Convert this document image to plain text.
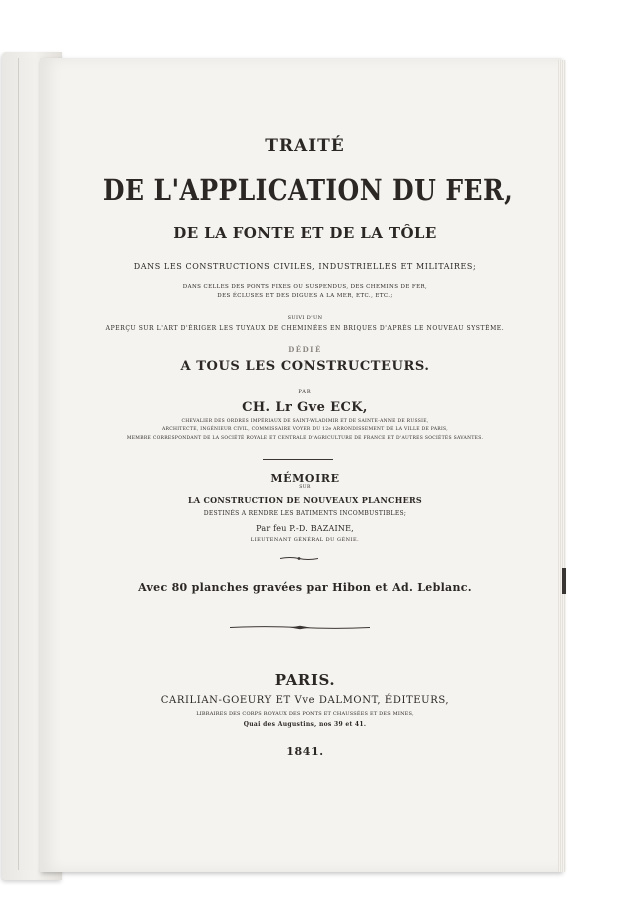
TRAITÉ
DE L'APPLICATION DU FER,
DE LA FONTE ET DE LA TÔLE
DANS LES CONSTRUCTIONS CIVILES, INDUSTRIELLES ET MILITAIRES;
DANS CELLES DES PONTS FIXES OU SUSPENDUS, DES CHEMINS DE FER,
DES ÉCLUSES ET DES DIGUES A LA MER, ETC., ETC.;
SUIVI D'UN
APERÇU SUR L'ART D'ÉRIGER LES TUYAUX DE CHEMINÉES EN BRIQUES D'APRÈS LE NOUVEAU SYSTÈME.
DÉDIÉ
A TOUS LES CONSTRUCTEURS.
PAR
CH. Lr Gve ECK,
CHEVALIER DES ORDRES IMPÉRIAUX DE SAINT-WLADIMIR ET DE SAINTE-ANNE DE RUSSIE,
ARCHITECTE, INGÉNIEUR CIVIL, COMMISSAIRE VOYER DU 12e ARRONDISSEMENT DE LA VILLE DE PARIS,
MEMBRE CORRESPONDANT DE LA SOCIÉTÉ ROYALE ET CENTRALE D'AGRICULTURE DE FRANCE ET D'AUTRES SOCIÉTÉS SAVANTES.
MÉMOIRE
SUR
LA CONSTRUCTION DE NOUVEAUX PLANCHERS
DESTINÉS A RENDRE LES BATIMENTS INCOMBUSTIBLES;
Par feu P.-D. BAZAINE,
LIEUTENANT GÉNÉRAL DU GÉNIE.
Avec 80 planches gravées par Hibon et Ad. Leblanc.
PARIS.
CARILIAN-GOEURY ET Vve DALMONT, ÉDITEURS,
LIBRAIRES DES CORPS ROYAUX DES PONTS ET CHAUSSÉES ET DES MINES,
Quai des Augustins, nos 39 et 41.
1841.
